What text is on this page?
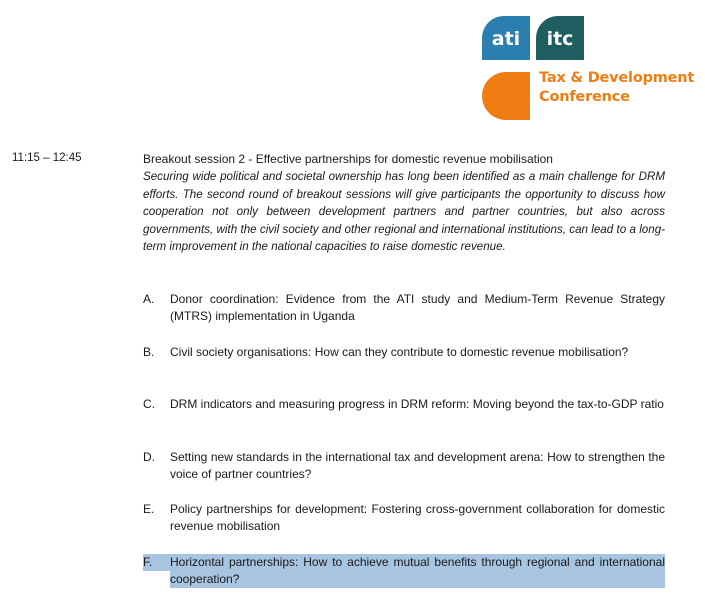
ati itc
Tax & Development
Conference
11:15 – 12:45	Breakout session 2 - Effective partnerships for domestic revenue mobilisation
Securing wide political and societal ownership has long been identified as a main challenge for DRM efforts. The second round of breakout sessions will give participants the opportunity to discuss how cooperation not only between development partners and partner countries, but also across governments, with the civil society and other regional and international institutions, can lead to a long-term improvement in the national capacities to raise domestic revenue.
A. Donor coordination: Evidence from the ATI study and Medium-Term Revenue Strategy (MTRS) implementation in Uganda
B. Civil society organisations: How can they contribute to domestic revenue mobilisation?
C. DRM indicators and measuring progress in DRM reform: Moving beyond the tax-to-GDP ratio
D. Setting new standards in the international tax and development arena: How to strengthen the voice of partner countries?
E. Policy partnerships for development: Fostering cross-government collaboration for domestic revenue mobilisation
F.	Horizontal partnerships: How to achieve mutual benefits through regional and international cooperation?
